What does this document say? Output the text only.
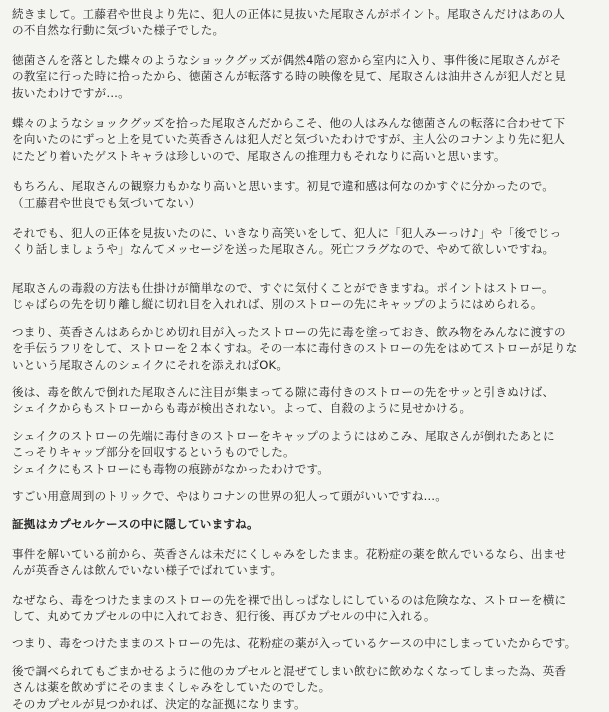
続きまして。工藤君や世良より先に、犯人の正体に見抜いた尾取さんがポイント。尾取さんだけはあの人
の不自然な行動に気づいた様子でした。

徳菌さんを落とした蝶々のようなショックグッズが偶然4階の窓から室内に入り、事件後に尾取さんがそ
の教室に行った時に拾ったから、徳菌さんが転落する時の映像を見て、尾取さんは油井さんが犯人だと見
抜いたわけですが…。

蝶々のようなショックグッズを拾った尾取さんだからこそ、他の人はみんな徳菌さんの転落に合わせて下
を向いたのにずっと上を見ていた英香さんは犯人だと気づいたわけですが、主人公のコナンより先に犯人
にたどり着いたゲストキャラは珍しいので、尾取さんの推理力もそれなりに高いと思います。

もちろん、尾取さんの観察力もかなり高いと思います。初見で違和感は何なのかすぐに分かったので。
（工藤君や世良でも気づいてない）

それでも、犯人の正体を見抜いたのに、いきなり高笑いをして、犯人に「犯人みーっけ♪」や「後でじっ
くり話しましょうや」なんてメッセージを送った尾取さん。死亡フラグなので、やめて欲しいですね。

尾取さんの毒殺の方法も仕掛けが簡単なので、すぐに気付くことができますね。ポイントはストロー。
じゃばらの先を切り離し縦に切れ目を入れれば、別のストローの先にキャップのようにはめられる。

つまり、英香さんはあらかじめ切れ目が入ったストローの先に毒を塗っておき、飲み物をみんなに渡すの
を手伝うフリをして、ストローを２本くすね。その一本に毒付きのストローの先をはめてストローが足りな
いという尾取さんのシェイクにそれを添えればOK。

後は、毒を飲んで倒れた尾取さんに注目が集まってる隙に毒付きのストローの先をサッと引きぬけば、
シェイクからもストローからも毒が検出されない。よって、自殺のように見せかける。

シェイクのストローの先端に毒付きのストローをキャップのようにはめこみ、尾取さんが倒れたあとに
こっそりキャップ部分を回収するというものでした。
シェイクにもストローにも毒物の痕跡がなかったわけです。

すごい用意周到のトリックで、やはりコナンの世界の犯人って頭がいいですね…。

証拠はカプセルケースの中に隠していますね。

事件を解いている前から、英香さんは未だにくしゃみをしたまま。花粉症の薬を飲んでいるなら、出ませ
んが英香さんは飲んでいない様子でばれています。

なぜなら、毒をつけたままのストローの先を裸で出しっぱなしにしているのは危険なな、ストローを横に
して、丸めてカプセルの中に入れておき、犯行後、再びカプセルの中に入れる。

つまり、毒をつけたままのストローの先は、花粉症の薬が入っているケースの中にしまっていたからです。

後で調べられてもごまかせるように他のカプセルと混ぜてしまい飲むに飲めなくなってしまった為、英香
さんは薬を飲めずにそのままくしゃみをしていたのでした。
そのカプセルが見つかれば、決定的な証拠になります。
